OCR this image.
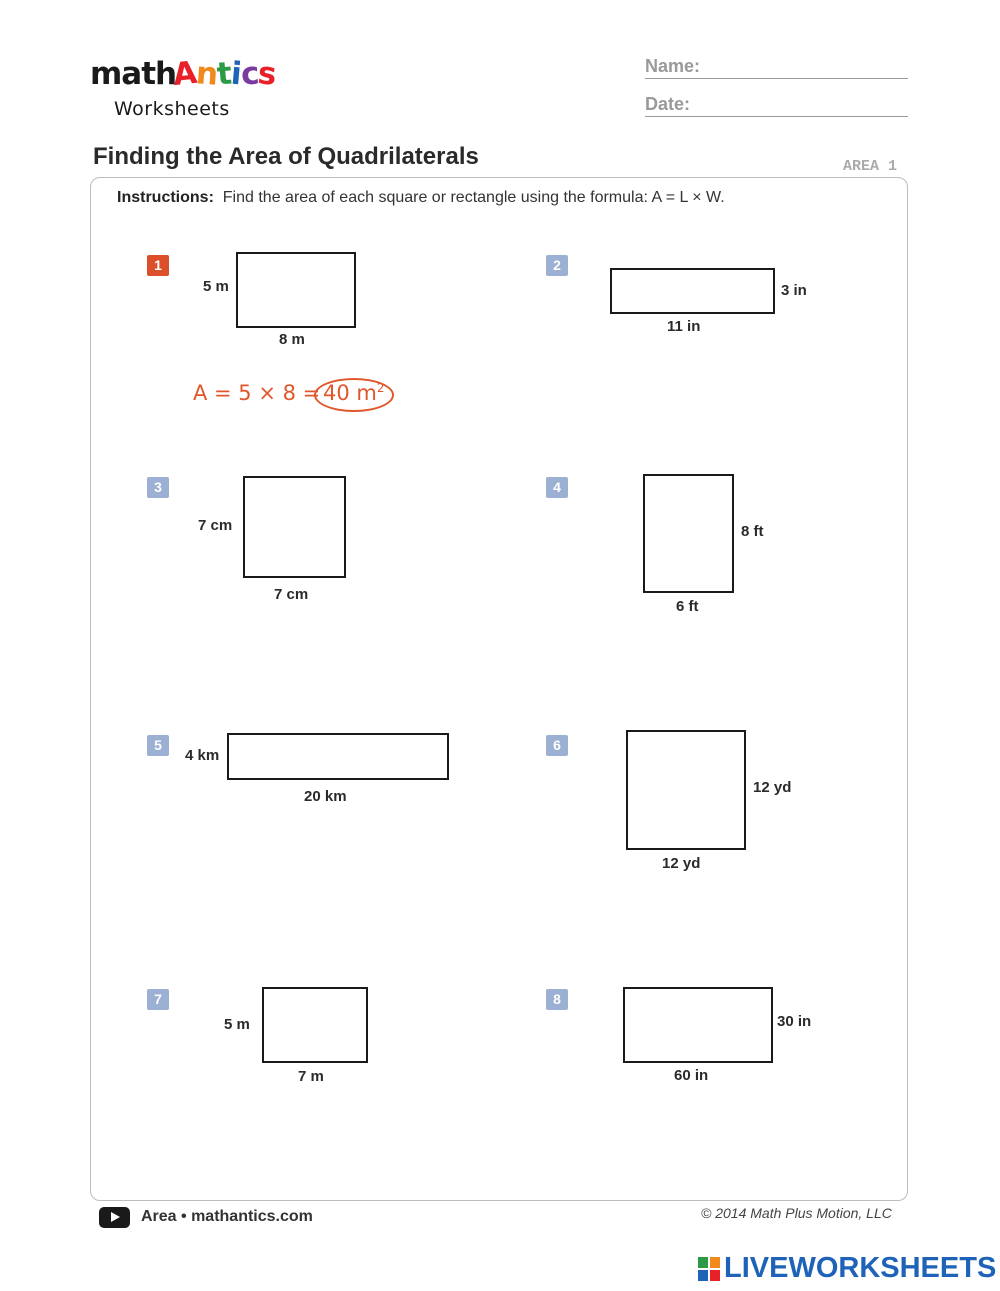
math
Antics
Worksheets
Name:
Date:
Finding the Area of Quadrilaterals	AREA 1
Instructions: Find the area of each square or rectangle using the formula: A = L × W.
1
5 m
8 m
A = 5 × 8 = 40 $m^2$
2
3 in
11 in
3
7 cm
7 cm
4
8 ft
6 ft
5
4 km
20 km
6
12 yd
12 yd
7
5 m
7 m
8
30 in
60 in
Area • mathantics.com	© 2014 Math Plus Motion, LLC
LIVEWORKSHEETS
